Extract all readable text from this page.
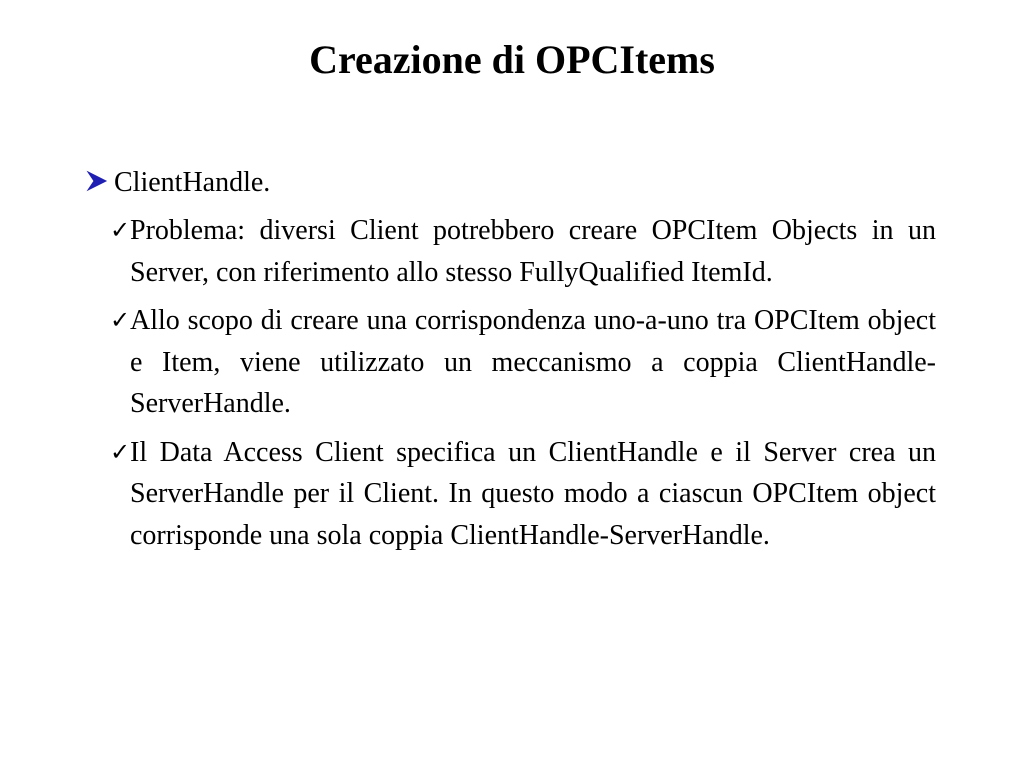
Creazione di OPCItems
ClientHandle.

✓ Problema: diversi Client potrebbero creare OPCItem Objects in un Server, con riferimento allo stesso FullyQualified ItemId.

✓ Allo scopo di creare una corrispondenza uno-a-uno tra OPCItem object e Item, viene utilizzato un meccanismo a coppia ClientHandle-ServerHandle.

✓ Il Data Access Client specifica un ClientHandle e il Server crea un ServerHandle per il Client. In questo modo a ciascun OPCItem object corrisponde una sola coppia ClientHandle-ServerHandle.
